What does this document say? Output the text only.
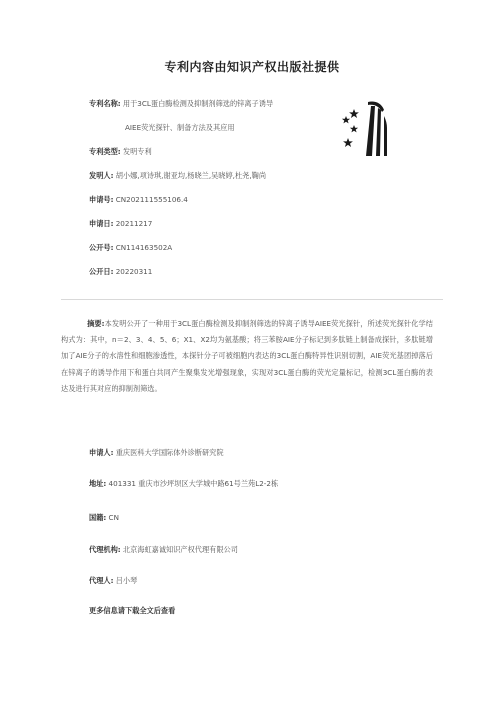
专利内容由知识产权出版社提供
专利名称: 用于3CL蛋白酶检测及抑制剂筛选的锌离子诱导
AIEE荧光探针、制备方法及其应用
专利类型: 发明专利
发明人: 胡小娜,项诗琪,谢亚均,杨晓兰,吴晓婷,杜尧,鞠尚
申请号: CN202111555106.4
申请日: 20211217
公开号: CN114163502A
公开日: 20220311
摘要:本发明公开了一种用于3CL蛋白酶检测及抑制剂筛选的锌离子诱导AIEE荧光探针，所述荧光探针化学结构式为：其中，n＝2、3、4、5、6；X1、X2均为氨基酸；将三苯胺AIE分子标记到多肽链上制备成探针，多肽链增加了AIE分子的水溶性和细胞渗透性，本探针分子可被细胞内表达的3CL蛋白酶特异性识别切割，AIE荧光基团掉落后在锌离子的诱导作用下和蛋白共同产生聚集发光增强现象，实现对3CL蛋白酶的荧光定量标记，检测3CL蛋白酶的表达及进行其对应的抑制剂筛选。
申请人: 重庆医科大学国际体外诊断研究院
地址: 401331 重庆市沙坪坝区大学城中路61号兰苑L2-2栋
国籍: CN
代理机构: 北京海虹嘉诚知识产权代理有限公司
代理人: 吕小琴
更多信息请下载全文后查看
